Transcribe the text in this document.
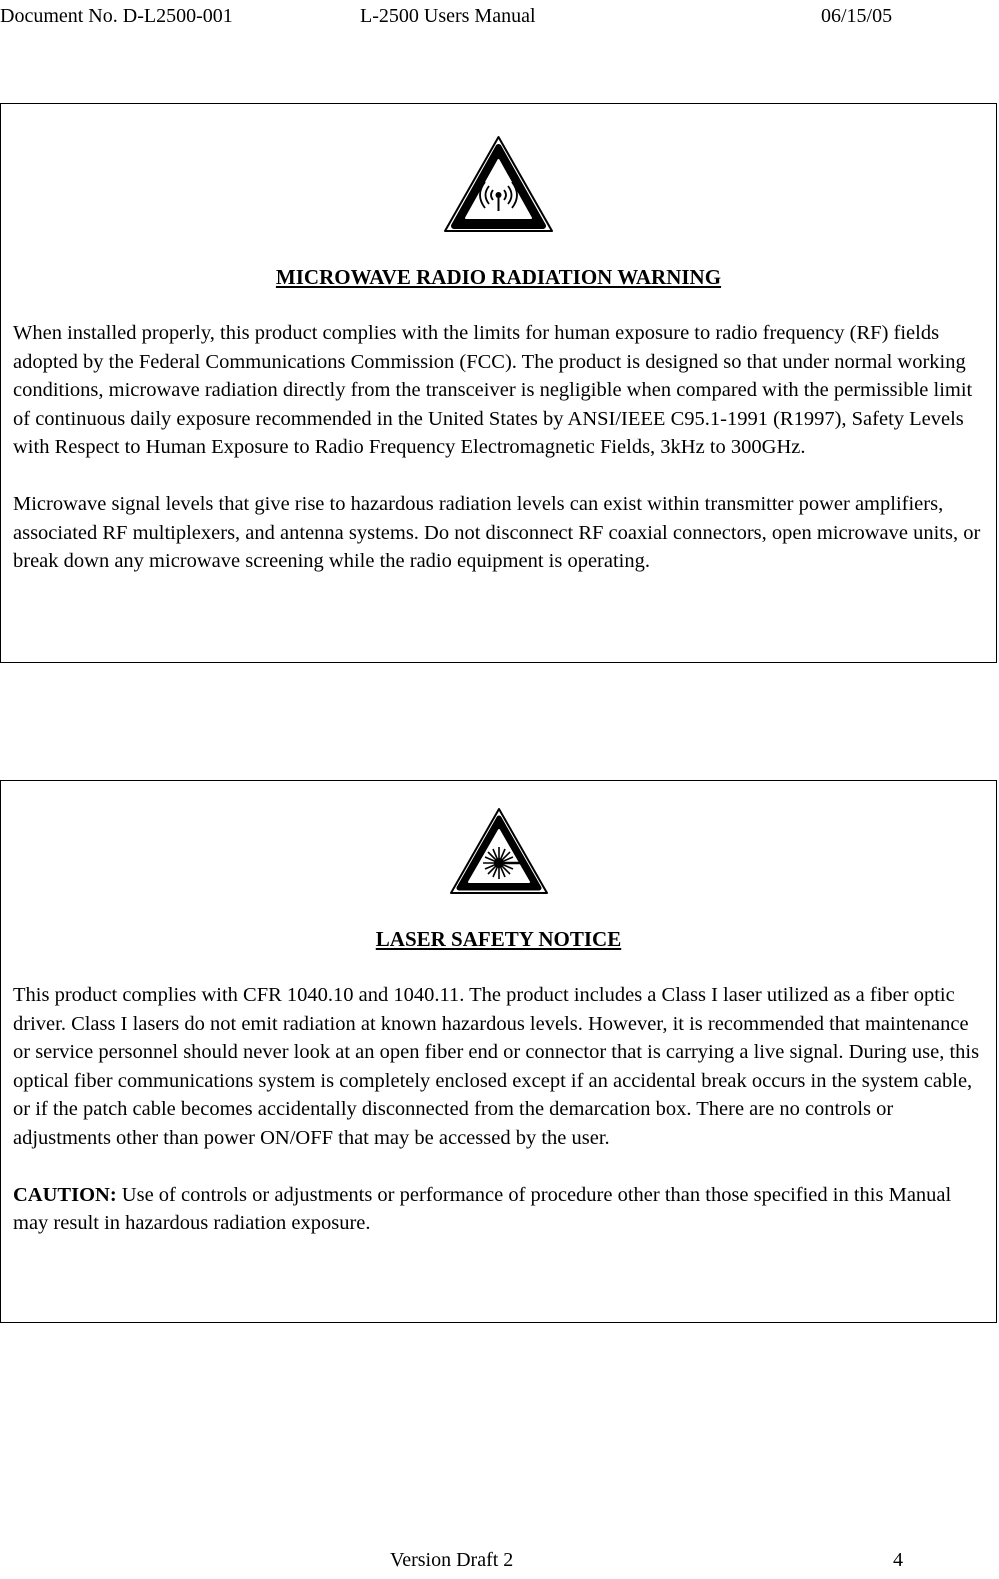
Document No. D-L2500-001	L-2500 Users Manual	06/15/05

MICROWAVE RADIO RADIATION WARNING

When installed properly, this product complies with the limits for human exposure to radio frequency (RF) fields adopted by the Federal Communications Commission (FCC). The product is designed so that under normal working conditions, microwave radiation directly from the transceiver is negligible when compared with the permissible limit of continuous daily exposure recommended in the United States by ANSI/IEEE C95.1-1991 (R1997), Safety Levels with Respect to Human Exposure to Radio Frequency Electromagnetic Fields, 3kHz to 300GHz.

Microwave signal levels that give rise to hazardous radiation levels can exist within transmitter power amplifiers, associated RF multiplexers, and antenna systems. Do not disconnect RF coaxial connectors, open microwave units, or break down any microwave screening while the radio equipment is operating.

LASER SAFETY NOTICE

This product complies with CFR 1040.10 and 1040.11. The product includes a Class I laser utilized as a fiber optic driver. Class I lasers do not emit radiation at known hazardous levels. However, it is recommended that maintenance or service personnel should never look at an open fiber end or connector that is carrying a live signal. During use, this optical fiber communications system is completely enclosed except if an accidental break occurs in the system cable, or if the patch cable becomes accidentally disconnected from the demarcation box. There are no controls or adjustments other than power ON/OFF that may be accessed by the user.

CAUTION: Use of controls or adjustments or performance of procedure other than those specified in this Manual may result in hazardous radiation exposure.

Version Draft 2	4
